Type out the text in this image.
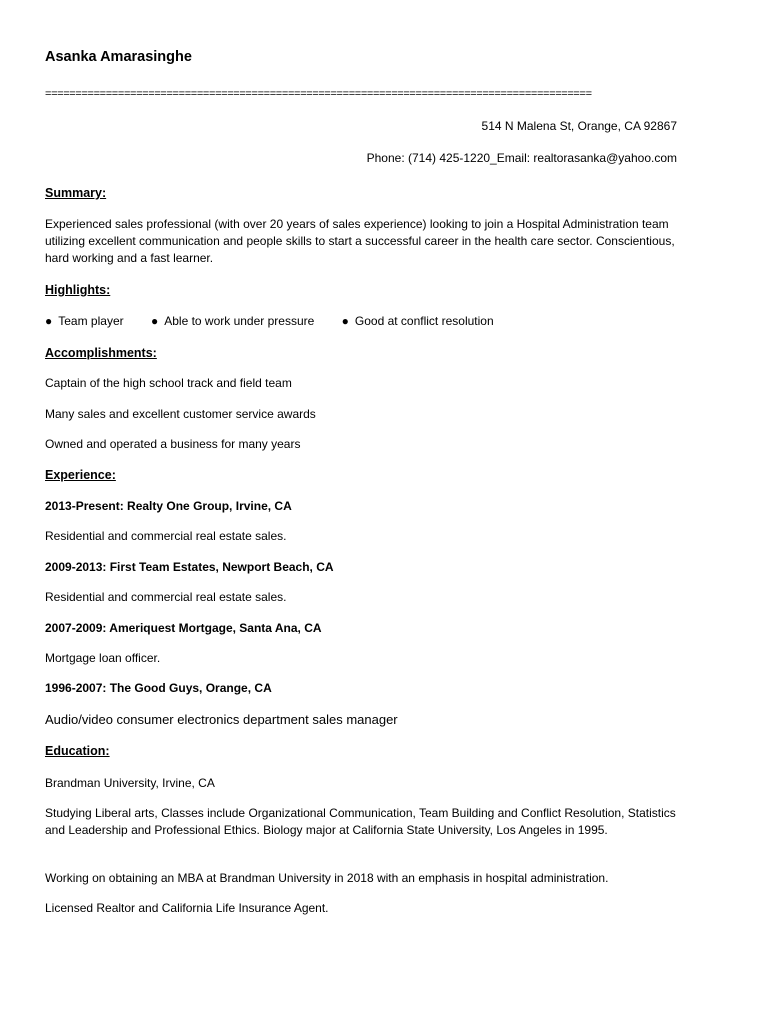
Asanka Amarasinghe
==========================================================================================
514 N Malena St, Orange, CA 92867
Phone: (714) 425-1220_Email: realtorasanka@yahoo.com
Summary:
Experienced sales professional (with over 20 years of sales experience) looking to join a Hospital Administration team utilizing excellent communication and people skills to start a successful career in the health care sector. Conscientious, hard working and a fast learner.
Highlights:
● Team player ● Able to work under pressure ● Good at conflict resolution
Accomplishments:
Captain of the high school track and field team
Many sales and excellent customer service awards
Owned and operated a business for many years
Experience:
2013-Present: Realty One Group, Irvine, CA
Residential and commercial real estate sales.
2009-2013: First Team Estates, Newport Beach, CA
Residential and commercial real estate sales.
2007-2009: Ameriquest Mortgage, Santa Ana, CA
Mortgage loan officer.
1996-2007: The Good Guys, Orange, CA
Audio/video consumer electronics department sales manager
Education:
Brandman University, Irvine, CA
Studying Liberal arts, Classes include Organizational Communication, Team Building and Conflict Resolution, Statistics and Leadership and Professional Ethics. Biology major at California State University, Los Angeles in 1995.
Working on obtaining an MBA at Brandman University in 2018 with an emphasis in hospital administration.
Licensed Realtor and California Life Insurance Agent.
